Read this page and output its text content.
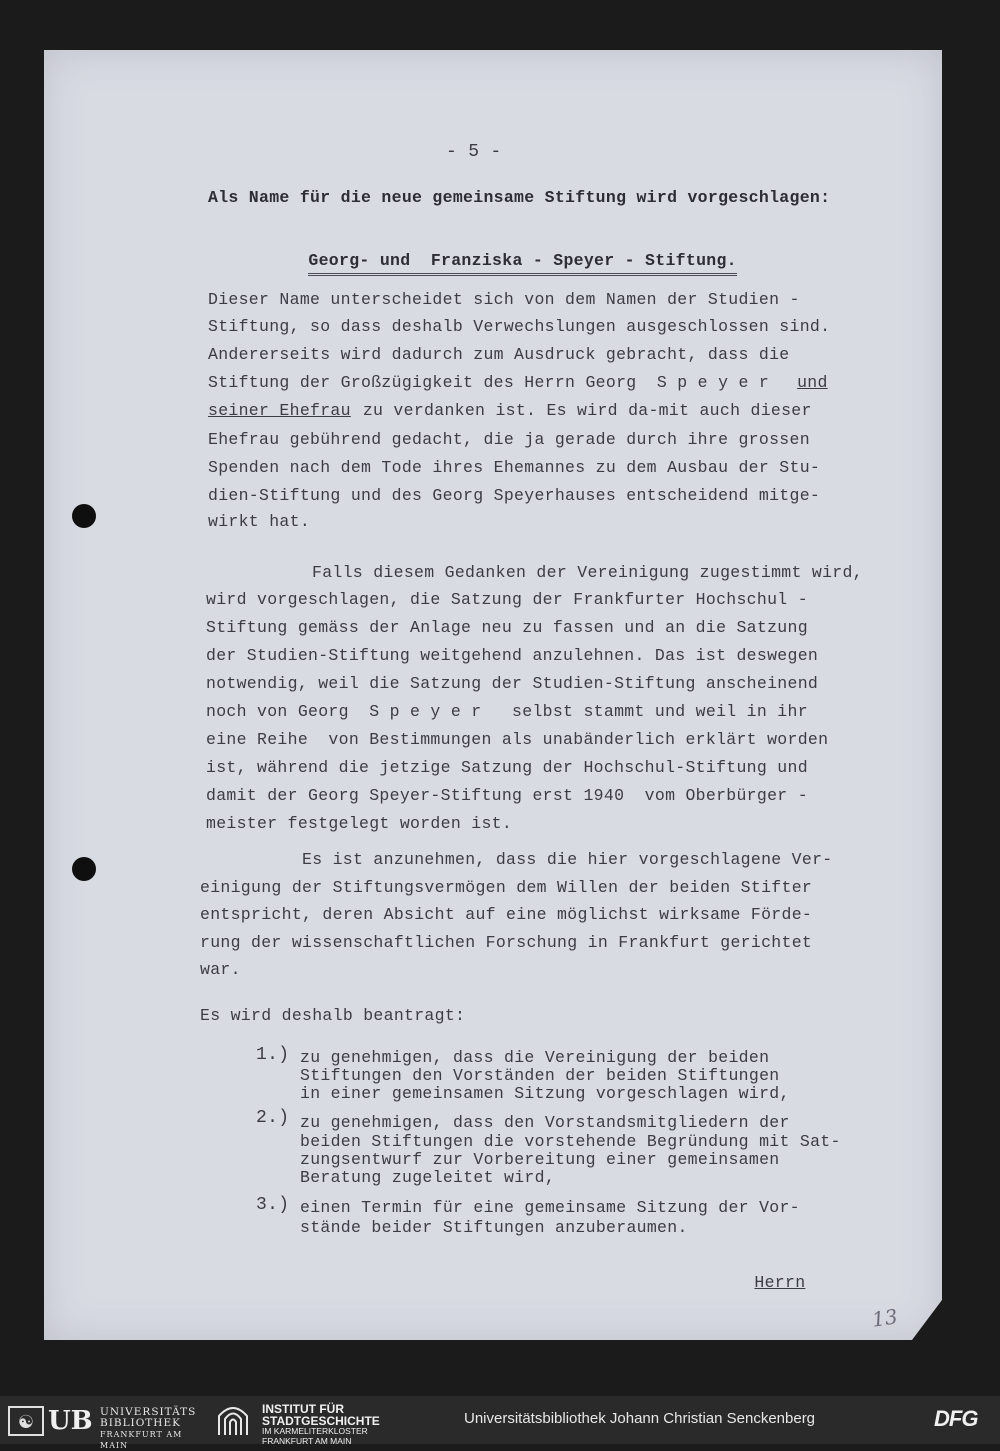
- 5 -
Als Name für die neue gemeinsame Stiftung wird vorgeschlagen:

Georg- und  Franziska - Speyer - Stiftung.

Dieser Name unterscheidet sich von dem Namen der Studien -
Stiftung, so dass deshalb Verwechslungen ausgeschlossen sind.
Andererseits wird dadurch zum Ausdruck gebracht, dass die
Stiftung der Großzügigkeit des Herrn Georg  S p e y e r und
seiner Ehefrau zu verdanken ist. Es wird da-mit auch dieser
Ehefrau gebührend gedacht, die ja gerade durch ihre grossen
Spenden nach dem Tode ihres Ehemannes zu dem Ausbau der Stu-
dien-Stiftung und des Georg Speyerhauses entscheidend mitge-
wirkt hat.
Falls diesem Gedanken der Vereinigung zugestimmt wird,
wird vorgeschlagen, die Satzung der Frankfurter Hochschul -
Stiftung gemäss der Anlage neu zu fassen und an die Satzung
der Studien-Stiftung weitgehend anzulehnen. Das ist deswegen
notwendig, weil die Satzung der Studien-Stiftung anscheinend
noch von Georg  S p e y e r   selbst stammt und weil in ihr
eine Reihe  von Bestimmungen als unabänderlich erklärt worden
ist, während die jetzige Satzung der Hochschul-Stiftung und
damit der Georg Speyer-Stiftung erst 1940  vom Oberbürger -
meister festgelegt worden ist.
Es ist anzunehmen, dass die hier vorgeschlagene Ver-
einigung der Stiftungsvermögen dem Willen der beiden Stifter
entspricht, deren Absicht auf eine möglichst wirksame Förde-
rung der wissenschaftlichen Forschung in Frankfurt gerichtet
war.
Es wird deshalb beantragt:
1.) zu genehmigen, dass die Vereinigung der beiden
Stiftungen den Vorständen der beiden Stiftungen
in einer gemeinsamen Sitzung vorgeschlagen wird,
2.) zu genehmigen, dass den Vorstandsmitgliedern der
beiden Stiftungen die vorstehende Begründung mit Sat-
zungsentwurf zur Vorbereitung einer gemeinsamen
Beratung zugeleitet wird,
3.) einen Termin für eine gemeinsame Sitzung der Vor-
stände beider Stiftungen anzuberaumen.

Herrn

13
☯ UB UNIVERSITÄTS
BIBLIOTHEK
FRANKFURT AM MAIN
INSTITUT FÜR
STADTGESCHICHTE
IM KARMELITERKLOSTER
FRANKFURT AM MAIN
Universitätsbibliothek Johann Christian Senckenberg	DFG
